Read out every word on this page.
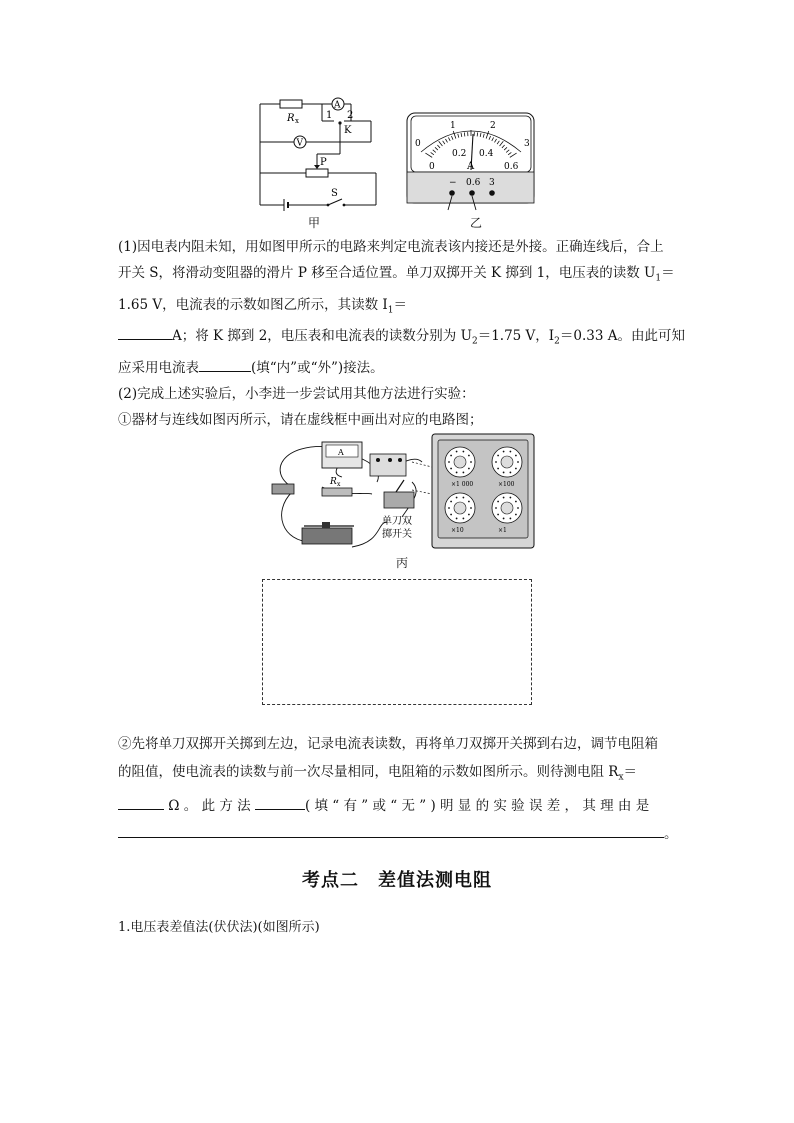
R x
A
V
1 2
K
P
S
甲
0
1	2
3
0
0.2 0.4
0.6
A
− 0.6 3
乙
(1)因电表内阻未知，用如图甲所示的电路来判定电流表该内接还是外接。正确连线后，合上
开关 S，将滑动变阻器的滑片 P 移至合适位置。单刀双掷开关 K 掷到 1，电压表的读数 $U_1=$
1.65 V，电流表的示数如图乙所示，其读数 $I_1=$
A；将 K 掷到 2，电压表和电流表的读数分别为 $U_2=1.75$ V，$I_2=0.33$ A。由此可知
应采用电流表	(填“内”或“外”)接法。
(2)完成上述实验后，小李进一步尝试用其他方法进行实验：
①器材与连线如图丙所示，请在虚线框中画出对应的电路图；
A
R x
单刀双
掷开关
×1 000	×100
×10	×1
丙
②先将单刀双掷开关掷到左边，记录电流表读数，再将单刀双掷开关掷到右边，调节电阻箱
的阻值，使电流表的读数与前一次尽量相同，电阻箱的示数如图所示。则待测电阻 $R_x=$
Ω 。 此 方 法	( 填 “ 有 ” 或 “ 无 ” ) 明 显 的 实 验 误 差 ， 其 理 由 是
。
考点二　差值法测电阻
1.电压表差值法(伏伏法)(如图所示)
